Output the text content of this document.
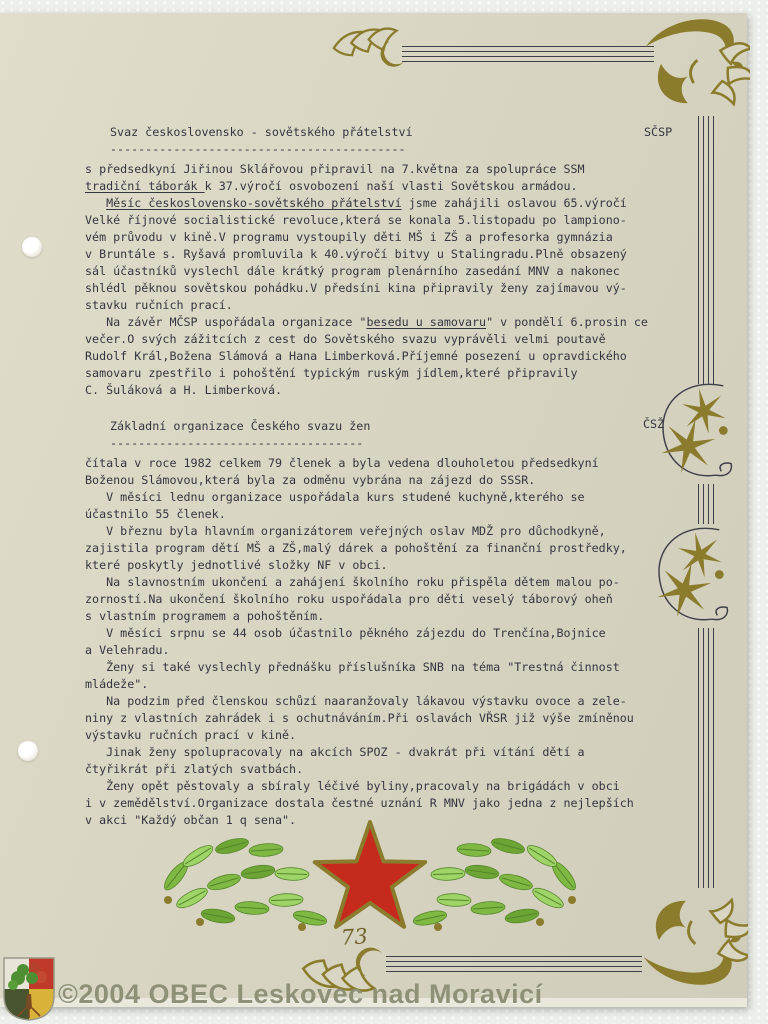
SČSP
ČSŽ
Svaz československo - sovětského přátelství
------------------------------------------
s předsedkyní Jiřinou Sklářovou připravil na 7.května za spolupráce SSM
tradiční táborák k 37.výročí osvobození naší vlasti Sovětskou armádou.
Měsíc československo-sovětského přátelství jsme zahájili oslavou 65.výročí
Velké říjnové socialistické revoluce,která se konala 5.listopadu po lampiono-
vém průvodu v kině.V programu vystoupily děti MŠ i ZŠ a profesorka gymnázia
v Bruntále s. Ryšavá promluvila k 40.výročí bitvy u Stalingradu.Plně obsazený
sál účastníků vyslechl dále krátký program plenárního zasedání MNV a nakonec
shlédl pěknou sovětskou pohádku.V předsíni kina připravily ženy zajímavou vý-
stavku ručních prací.
Na závěr MČSP uspořádala organizace "besedu u samovaru" v pondělí 6.prosin ce
večer.O svých zážitcích z cest do Sovětského svazu vyprávěli velmi poutavě
Rudolf Král,Božena Slámová a Hana Limberková.Příjemné posezení u opravdického
samovaru zpestřilo i pohoštění typickým ruským jídlem,které připravily
C. Šuláková a H. Limberková.
Základní organizace Českého svazu žen
------------------------------------
čítala v roce 1982 celkem 79 členek a byla vedena dlouholetou předsedkyní
Boženou Slámovou,která byla za odměnu vybrána na zájezd do SSSR.
V měsíci lednu organizace uspořádala kurs studené kuchyně,kterého se
účastnilo 55 členek.
V březnu byla hlavním organizátorem veřejných oslav MDŽ pro důchodkyně,
zajistila program dětí MŠ a ZŠ,malý dárek a pohoštění za finanční prostředky,
které poskytly jednotlivé složky NF v obci.
Na slavnostním ukončení a zahájení školního roku přispěla dětem malou po-
zorností.Na ukončení školního roku uspořádala pro děti veselý táborový oheň
s vlastním programem a pohoštěním.
V měsíci srpnu se 44 osob účastnilo pěkného zájezdu do Trenčína,Bojnice
a Velehradu.
Ženy si také vyslechly přednášku příslušníka SNB na téma "Trestná činnost
mládeže".
Na podzim před členskou schůzí naaranžovaly lákavou výstavku ovoce a zele-
niny z vlastních zahrádek i s ochutnáváním.Při oslavách VŘSR již výše zmíněnou
výstavku ručních prací v kině.
Jinak ženy spolupracovaly na akcích SPOZ - dvakrát při vítání dětí a
čtyřikrát při zlatých svatbách.
Ženy opět pěstovaly a sbíraly léčivé byliny,pracovaly na brigádách v obci
i v zemědělství.Organizace dostala čestné uznání R MNV jako jedna z nejlepších
v akci "Každý občan 1 q sena".
73
©2004 OBEC Leskovec nad Moravicí
